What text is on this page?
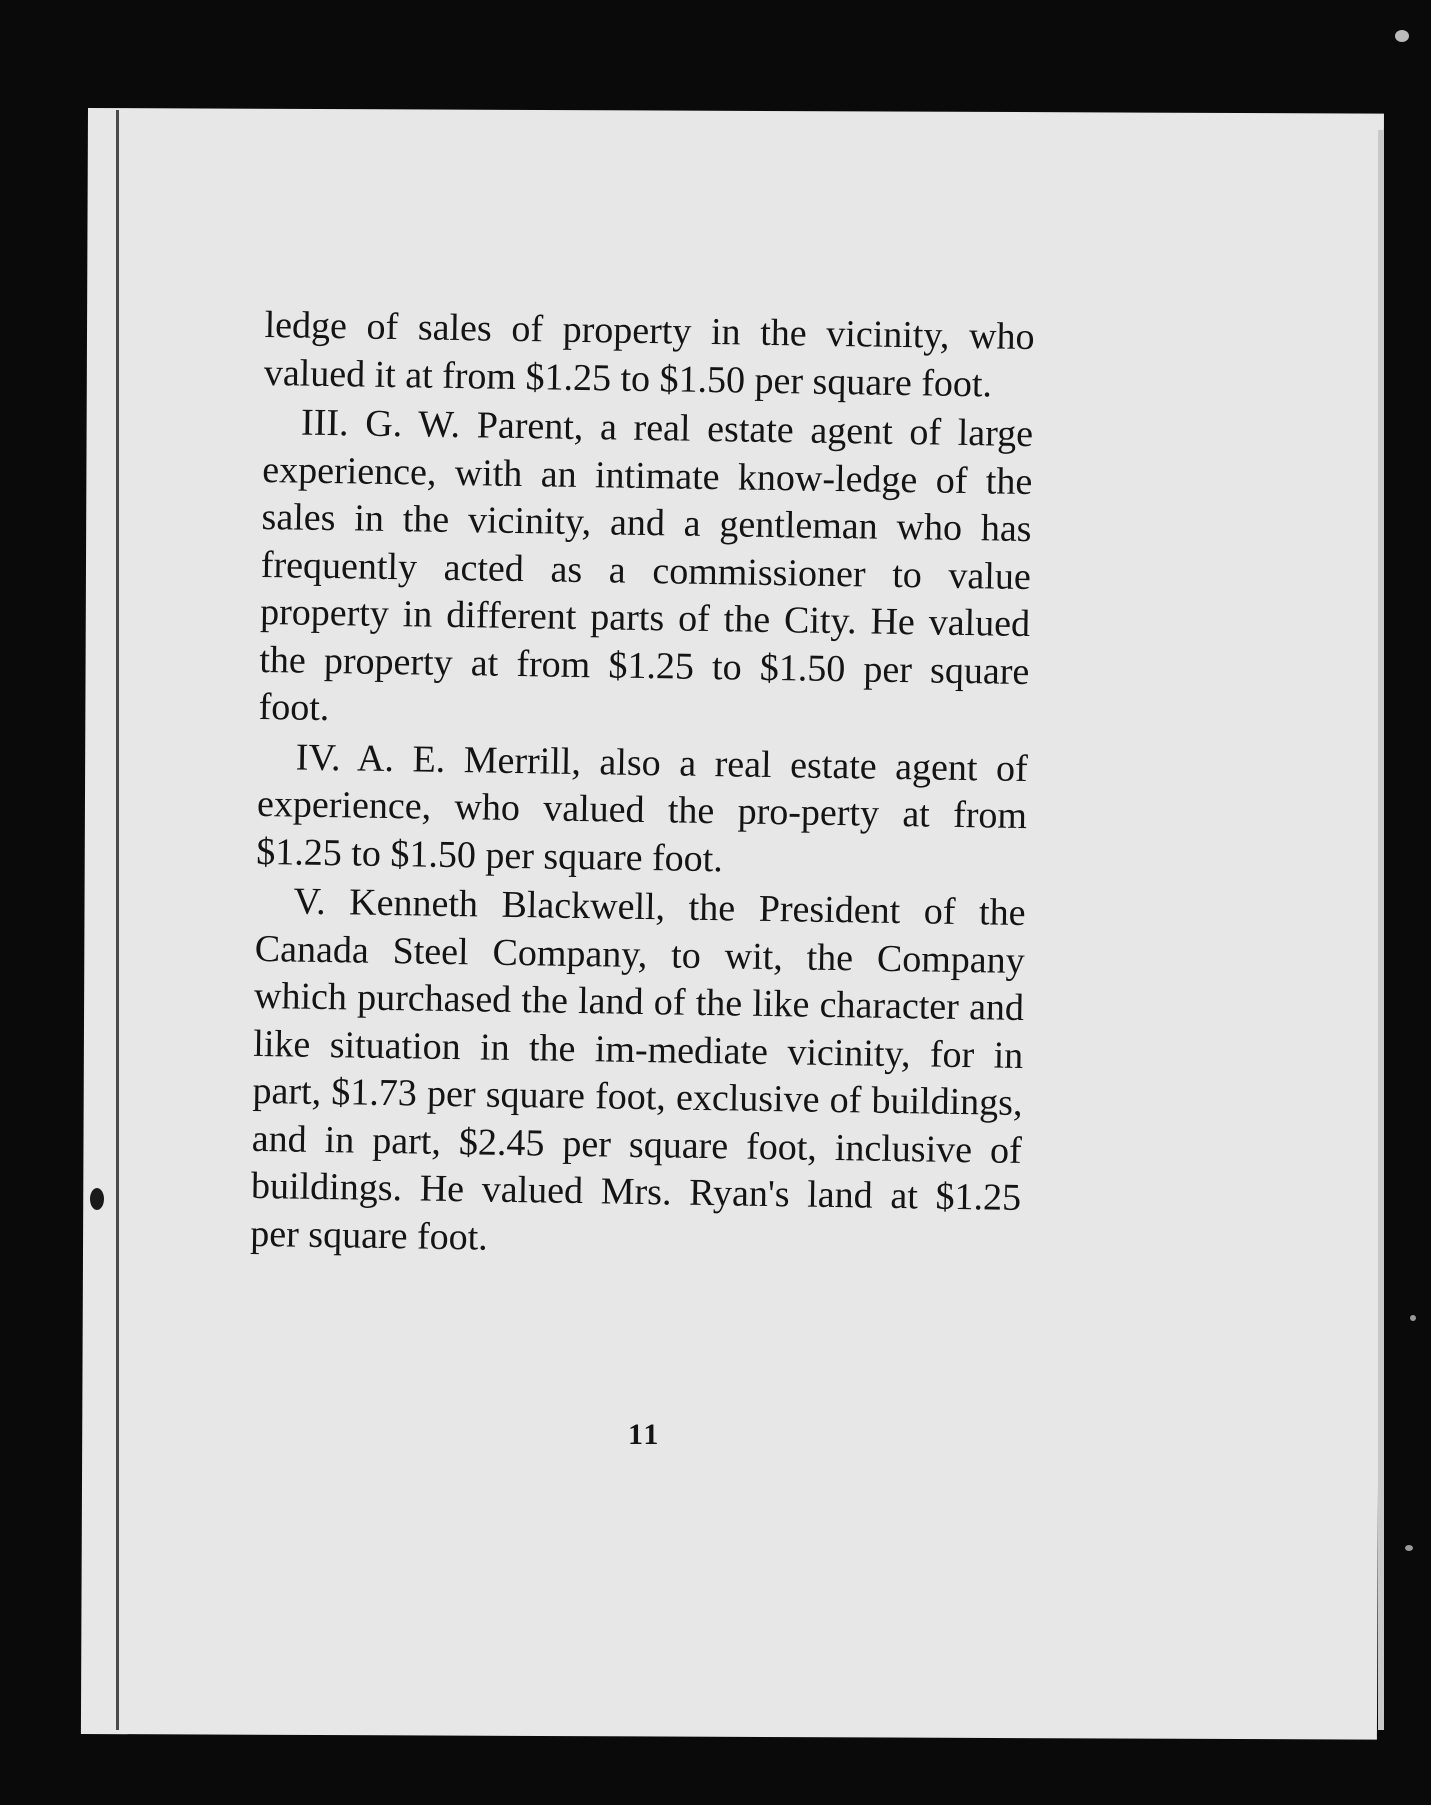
ledge of sales of property in the vicinity, who valued it at from $1.25 to $1.50 per square foot.

III. G. W. Parent, a real estate agent of large experience, with an intimate know-ledge of the sales in the vicinity, and a gentleman who has frequently acted as a commissioner to value property in different parts of the City. He valued the property at from $1.25 to $1.50 per square foot.

IV. A. E. Merrill, also a real estate agent of experience, who valued the pro-perty at from $1.25 to $1.50 per square foot.

V. Kenneth Blackwell, the President of the Canada Steel Company, to wit, the Company which purchased the land of the like character and like situation in the im-mediate vicinity, for in part, $1.73 per square foot, exclusive of buildings, and in part, $2.45 per square foot, inclusive of buildings. He valued Mrs. Ryan's land at $1.25 per square foot.

11
